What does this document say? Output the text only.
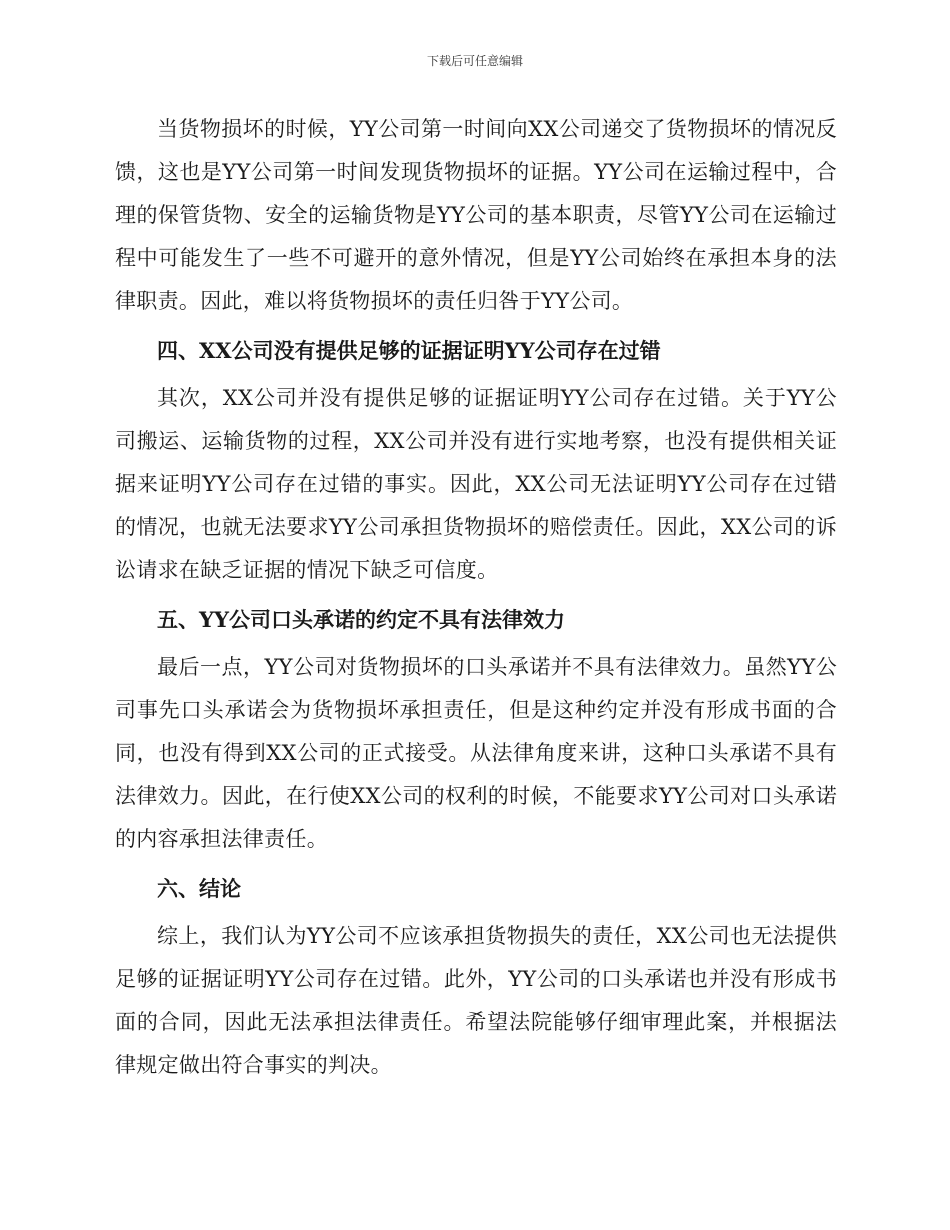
下载后可任意编辑

当货物损坏的时候，YY公司第一时间向XX公司递交了货物损坏的情况反馈，这也是YY公司第一时间发现货物损坏的证据。YY公司在运输过程中，合理的保管货物、安全的运输货物是YY公司的基本职责，尽管YY公司在运输过程中可能发生了一些不可避开的意外情况，但是YY公司始终在承担本身的法律职责。因此，难以将货物损坏的责任归咎于YY公司。

四、XX公司没有提供足够的证据证明YY公司存在过错

其次，XX公司并没有提供足够的证据证明YY公司存在过错。关于YY公司搬运、运输货物的过程，XX公司并没有进行实地考察，也没有提供相关证据来证明YY公司存在过错的事实。因此，XX公司无法证明YY公司存在过错的情况，也就无法要求YY公司承担货物损坏的赔偿责任。因此，XX公司的诉讼请求在缺乏证据的情况下缺乏可信度。

五、YY公司口头承诺的约定不具有法律效力

最后一点，YY公司对货物损坏的口头承诺并不具有法律效力。虽然YY公司事先口头承诺会为货物损坏承担责任，但是这种约定并没有形成书面的合同，也没有得到XX公司的正式接受。从法律角度来讲，这种口头承诺不具有法律效力。因此，在行使XX公司的权利的时候，不能要求YY公司对口头承诺的内容承担法律责任。

六、结论

综上，我们认为YY公司不应该承担货物损失的责任，XX公司也无法提供足够的证据证明YY公司存在过错。此外，YY公司的口头承诺也并没有形成书面的合同，因此无法承担法律责任。希望法院能够仔细审理此案，并根据法律规定做出符合事实的判决。
